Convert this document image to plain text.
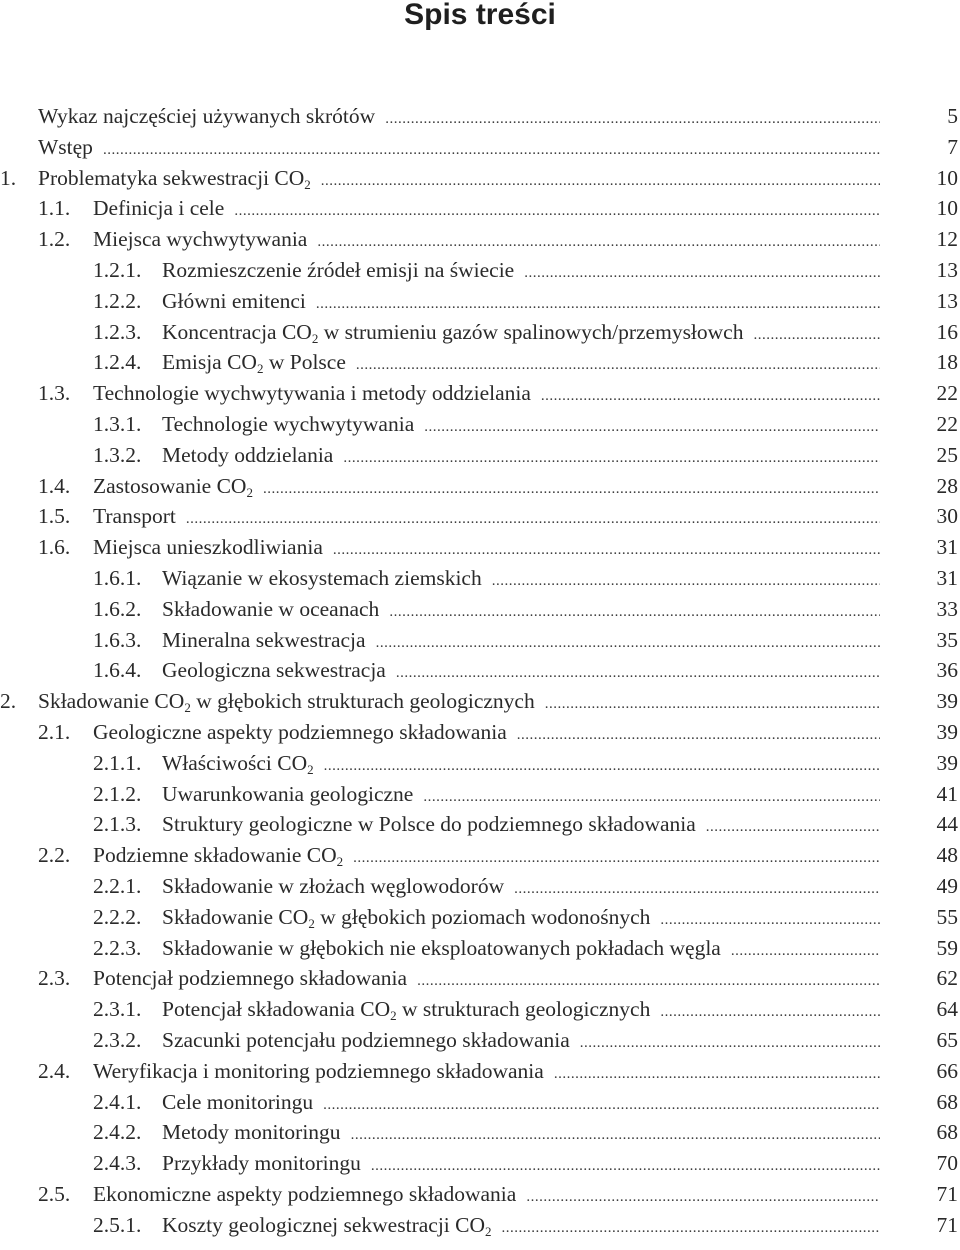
Spis treści
Wykaz najczęściej używanych skrótów .....	5
Wstęp .....	7
1. Problematyka sekwestracji $CO_2$ .....	10
1.1. Definicja i cele .....	10
1.2. Miejsca wychwytywania .....	12
1.2.1. Rozmieszczenie źródeł emisji na świecie .....	13
1.2.2. Główni emitenci .....	13
1.2.3. Koncentracja $CO_2$ w strumieniu gazów spalinowych/przemysłowch .....	16
1.2.4. Emisja $CO_2$ w Polsce .....	18
1.3. Technologie wychwytywania i metody oddzielania .....	22
1.3.1. Technologie wychwytywania .....	22
1.3.2. Metody oddzielania .....	25
1.4. Zastosowanie $CO_2$ .....	28
1.5. Transport .....	30
1.6. Miejsca unieszkodliwiania .....	31
1.6.1. Wiązanie w ekosystemach ziemskich .....	31
1.6.2. Składowanie w oceanach .....	33
1.6.3. Mineralna sekwestracja .....	35
1.6.4. Geologiczna sekwestracja .....	36
2. Składowanie $CO_2$ w głębokich strukturach geologicznych .....	39
2.1. Geologiczne aspekty podziemnego składowania .....	39
2.1.1. Właściwości $CO_2$ .....	39
2.1.2. Uwarunkowania geologiczne .....	41
2.1.3. Struktury geologiczne w Polsce do podziemnego składowania .....	44
2.2. Podziemne składowanie $CO_2$ .....	48
2.2.1. Składowanie w złożach węglowodorów .....	49
2.2.2. Składowanie $CO_2$ w głębokich poziomach wodonośnych .....	55
2.2.3. Składowanie w głębokich nie eksploatowanych pokładach węgla .....	59
2.3. Potencjał podziemnego składowania .....	62
2.3.1. Potencjał składowania $CO_2$ w strukturach geologicznych .....	64
2.3.2. Szacunki potencjału podziemnego składowania .....	65
2.4. Weryfikacja i monitoring podziemnego składowania .....	66
2.4.1. Cele monitoringu .....	68
2.4.2. Metody monitoringu .....	68
2.4.3. Przykłady monitoringu .....	70
2.5. Ekonomiczne aspekty podziemnego składowania .....	71
2.5.1. Koszty geologicznej sekwestracji $CO_2$ .....	71
